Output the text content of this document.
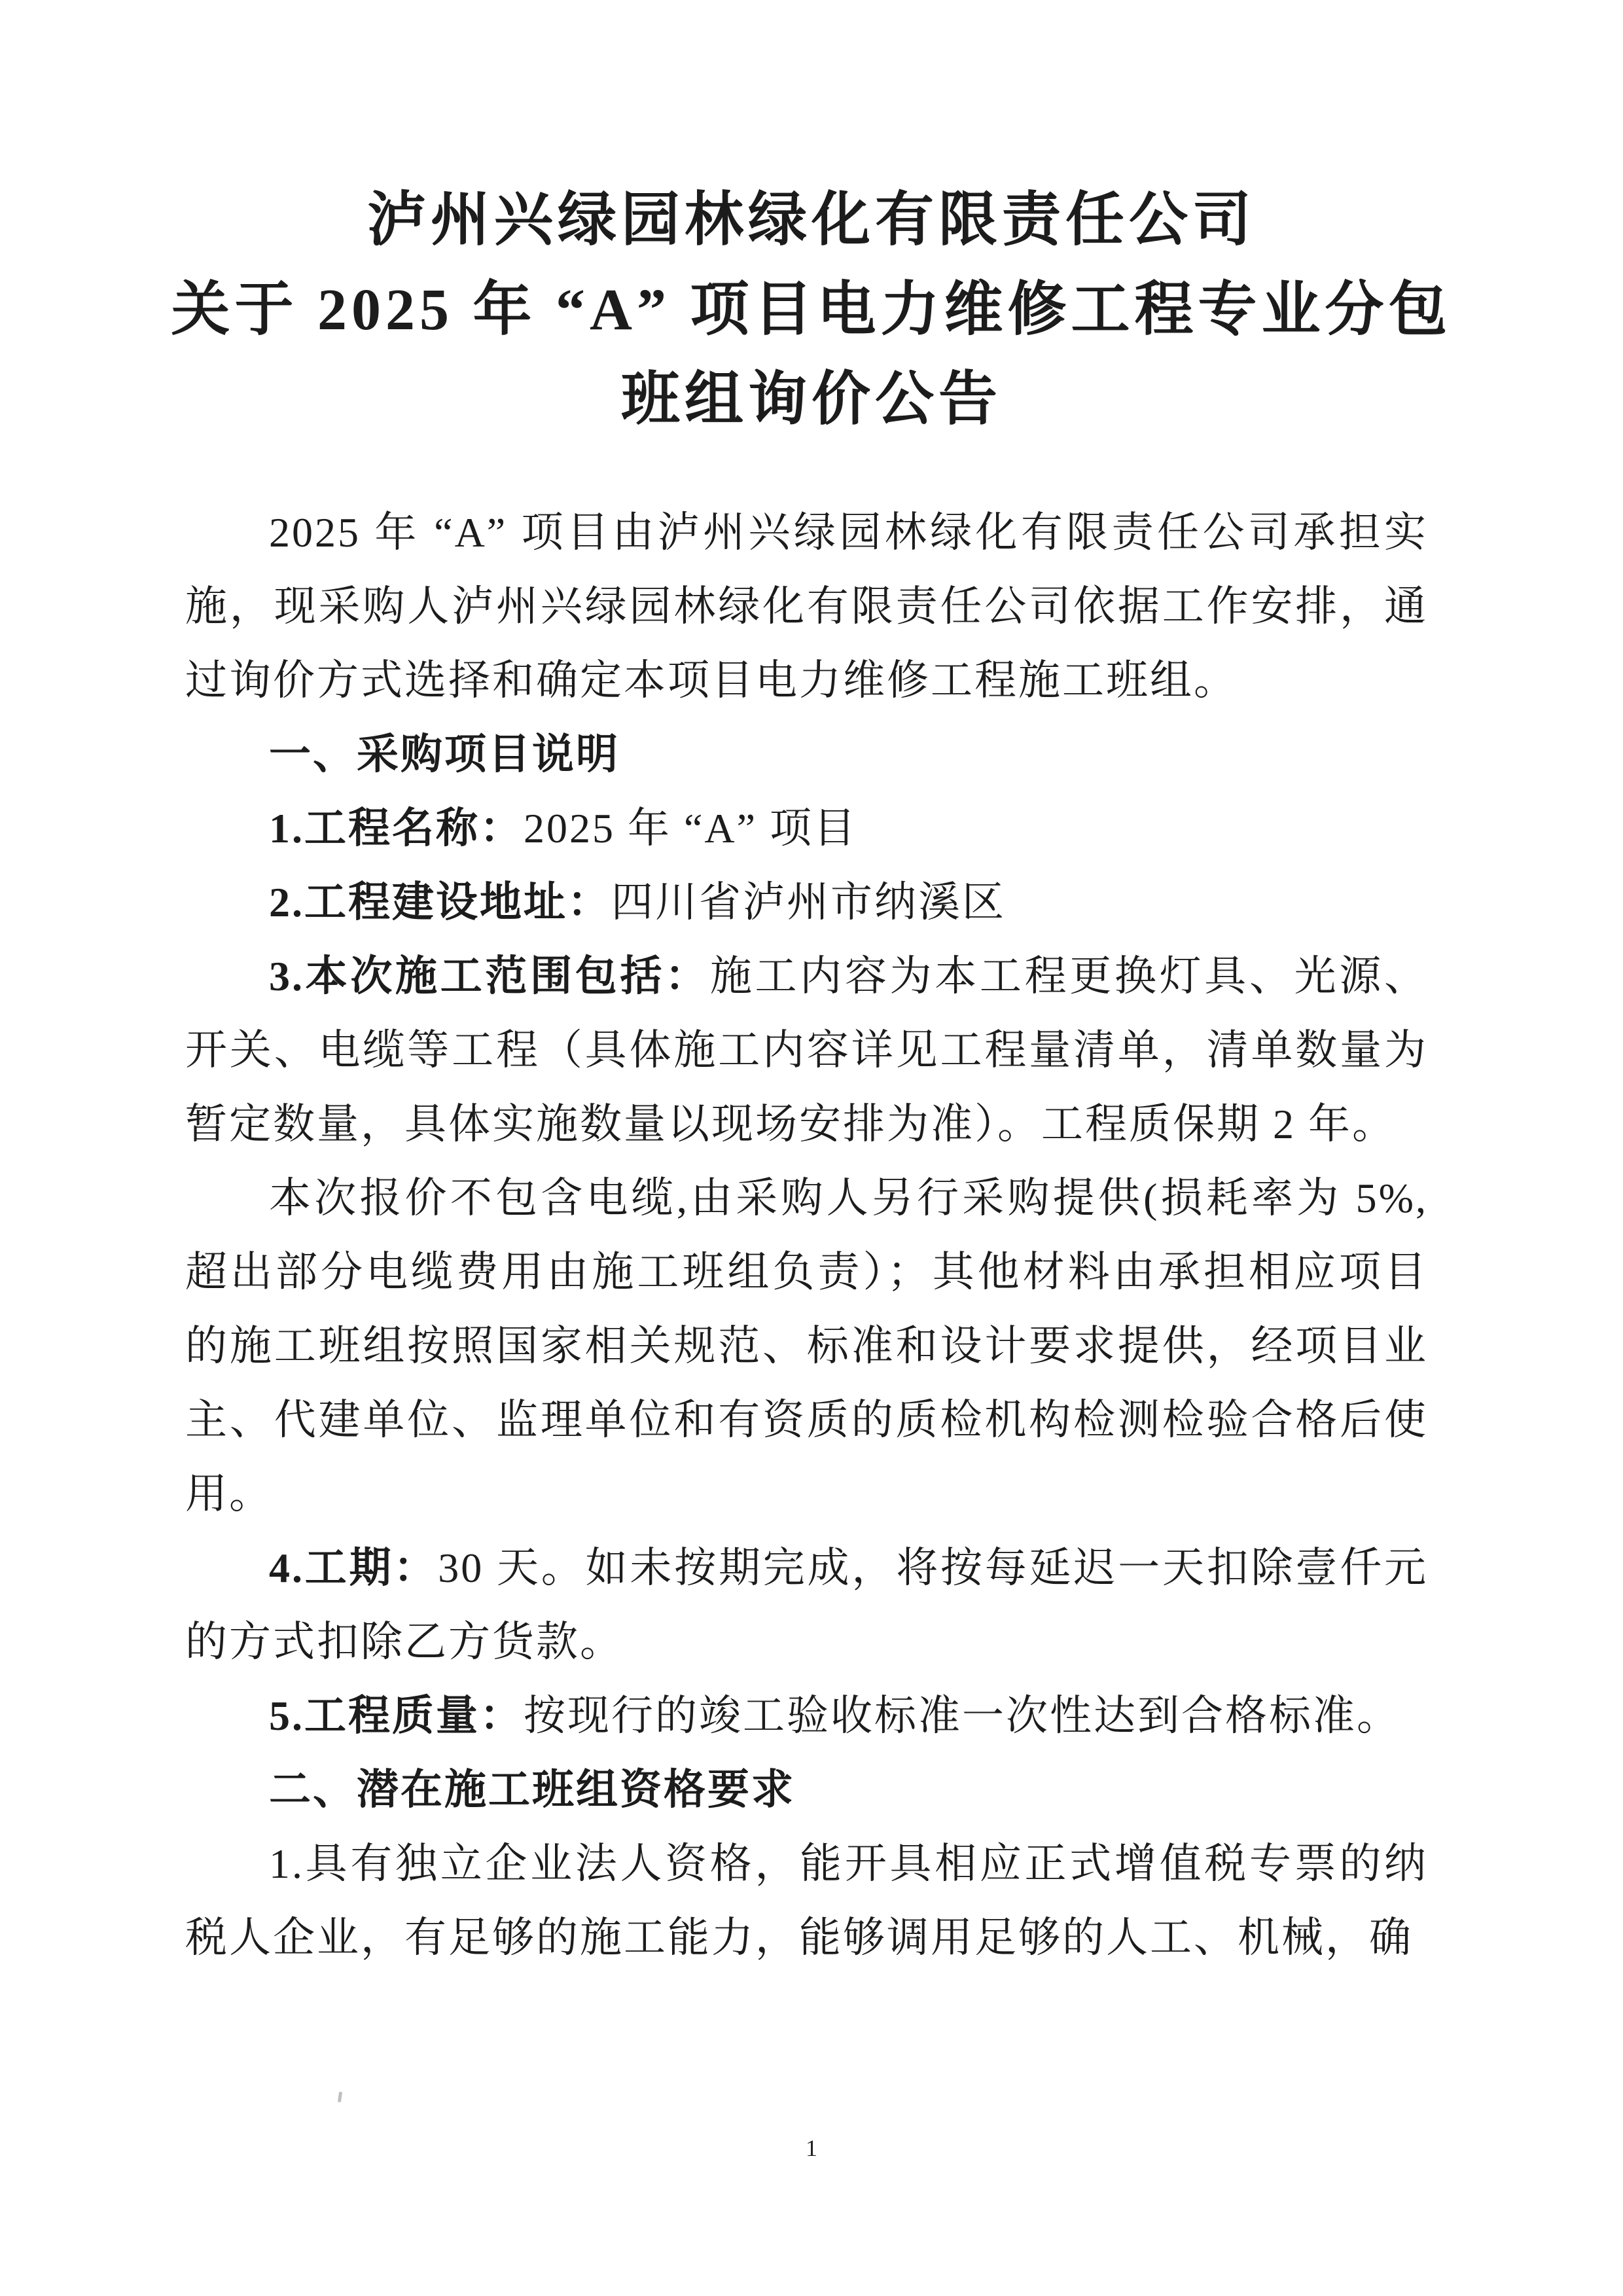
泸州兴绿园林绿化有限责任公司
关于 2025 年 “A” 项目电力维修工程专业分包
班组询价公告

2025 年 “A” 项目由泸州兴绿园林绿化有限责任公司承担实施，现采购人泸州兴绿园林绿化有限责任公司依据工作安排，通过询价方式选择和确定本项目电力维修工程施工班组。

一、采购项目说明

1.工程名称：2025 年 “A” 项目

2.工程建设地址：四川省泸州市纳溪区

3.本次施工范围包括：施工内容为本工程更换灯具、光源、开关、电缆等工程（具体施工内容详见工程量清单，清单数量为暂定数量，具体实施数量以现场安排为准）。工程质保期 2 年。

本次报价不包含电缆,由采购人另行采购提供(损耗率为 5%,超出部分电缆费用由施工班组负责）；其他材料由承担相应项目的施工班组按照国家相关规范、标准和设计要求提供，经项目业主、代建单位、监理单位和有资质的质检机构检测检验合格后使用。

4.工期：30 天。如未按期完成，将按每延迟一天扣除壹仟元的方式扣除乙方货款。

5.工程质量：按现行的竣工验收标准一次性达到合格标准。

二、潜在施工班组资格要求

1.具有独立企业法人资格，能开具相应正式增值税专票的纳税人企业，有足够的施工能力，能够调用足够的人工、机械，确

1
